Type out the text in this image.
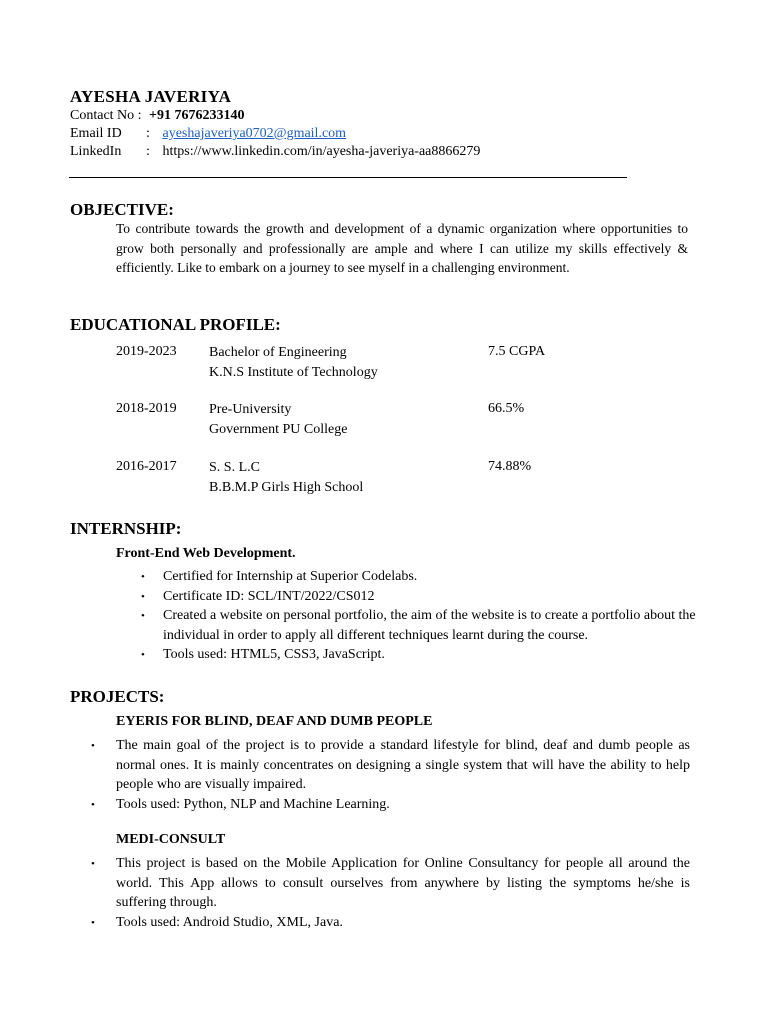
AYESHA JAVERIYA
Contact No : +91 7676233140
Email ID : ayeshajaveriya0702@gmail.com
LinkedIn : https://www.linkedin.com/in/ayesha-javeriya-aa8866279
OBJECTIVE:
To contribute towards the growth and development of a dynamic organization where opportunities to grow both personally and professionally are ample and where I can utilize my skills effectively & efficiently. Like to embark on a journey to see myself in a challenging environment.
EDUCATIONAL PROFILE:
2019-2023 Bachelor of Engineering
K.N.S Institute of Technology
7.5 CGPA
2018-2019 Pre-University
Government PU College
66.5%
2016-2017 S. S. L.C
B.B.M.P Girls High School
74.88%
INTERNSHIP:
Front-End Web Development.
• Certified for Internship at Superior Codelabs.
• Certificate ID: SCL/INT/2022/CS012
• Created a website on personal portfolio, the aim of the website is to create a portfolio about the individual in order to apply all different techniques learnt during the course.
• Tools used: HTML5, CSS3, JavaScript.
PROJECTS:
EYERIS FOR BLIND, DEAF AND DUMB PEOPLE
• The main goal of the project is to provide a standard lifestyle for blind, deaf and dumb people as normal ones. It is mainly concentrates on designing a single system that will have the ability to help people who are visually impaired.
• Tools used: Python, NLP and Machine Learning.
MEDI-CONSULT
• This project is based on the Mobile Application for Online Consultancy for people all around the world. This App allows to consult ourselves from anywhere by listing the symptoms he/she is suffering through.
• Tools used: Android Studio, XML, Java.
